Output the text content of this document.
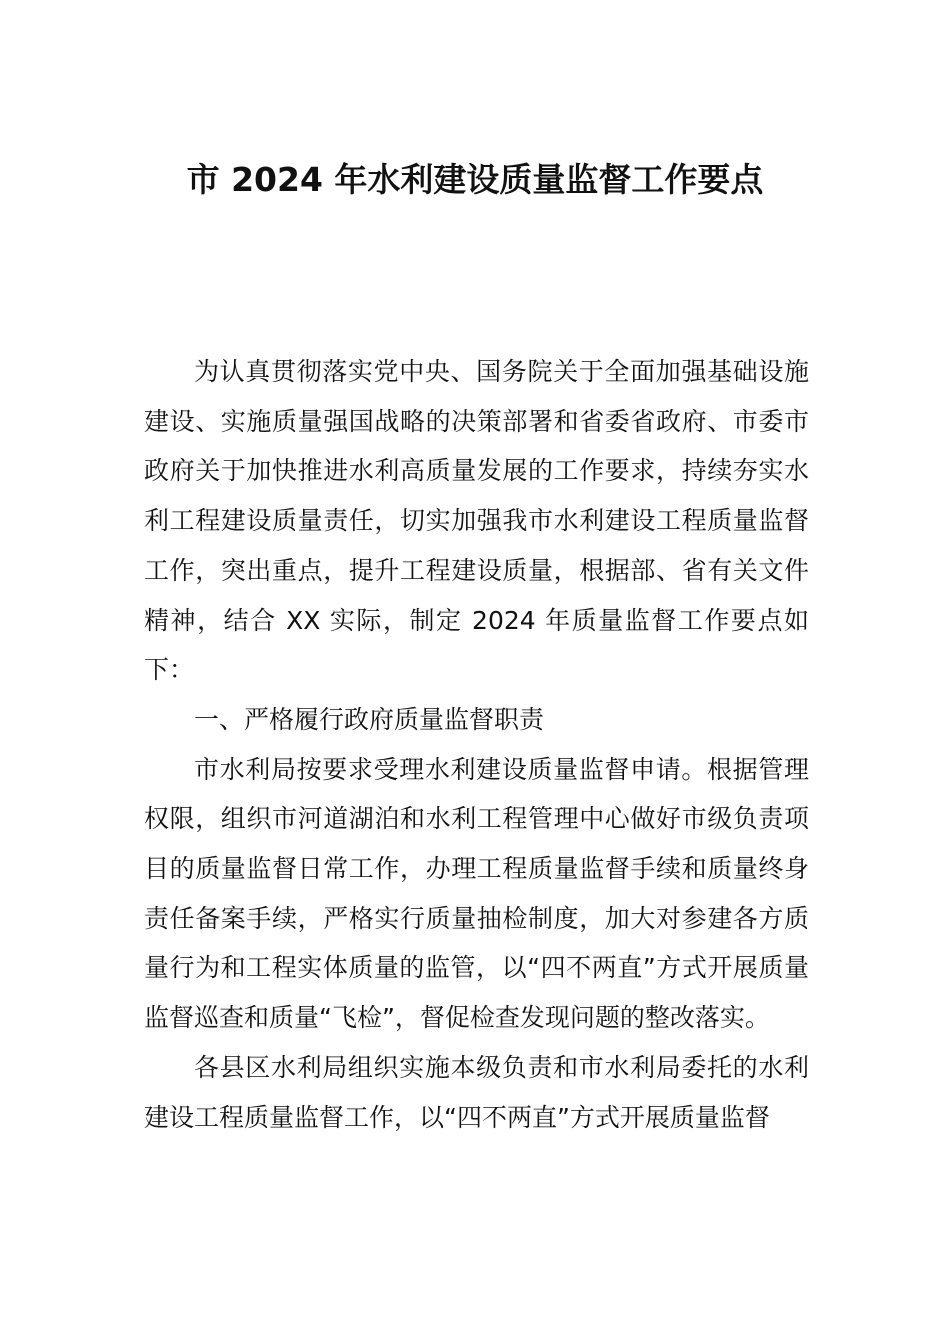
市 2024 年水利建设质量监督工作要点

为认真贯彻落实党中央、国务院关于全面加强基础设施建设、实施质量强国战略的决策部署和省委省政府、市委市政府关于加快推进水利高质量发展的工作要求，持续夯实水利工程建设质量责任，切实加强我市水利建设工程质量监督工作，突出重点，提升工程建设质量，根据部、省有关文件精神，结合 XX 实际，制定 2024 年质量监督工作要点如下：

一、严格履行政府质量监督职责

市水利局按要求受理水利建设质量监督申请。根据管理权限，组织市河道湖泊和水利工程管理中心做好市级负责项目的质量监督日常工作，办理工程质量监督手续和质量终身责任备案手续，严格实行质量抽检制度，加大对参建各方质量行为和工程实体质量的监管，以“四不两直”方式开展质量监督巡查和质量“飞检”，督促检查发现问题的整改落实。

各县区水利局组织实施本级负责和市水利局委托的水利建设工程质量监督工作，以“四不两直”方式开展质量监督
